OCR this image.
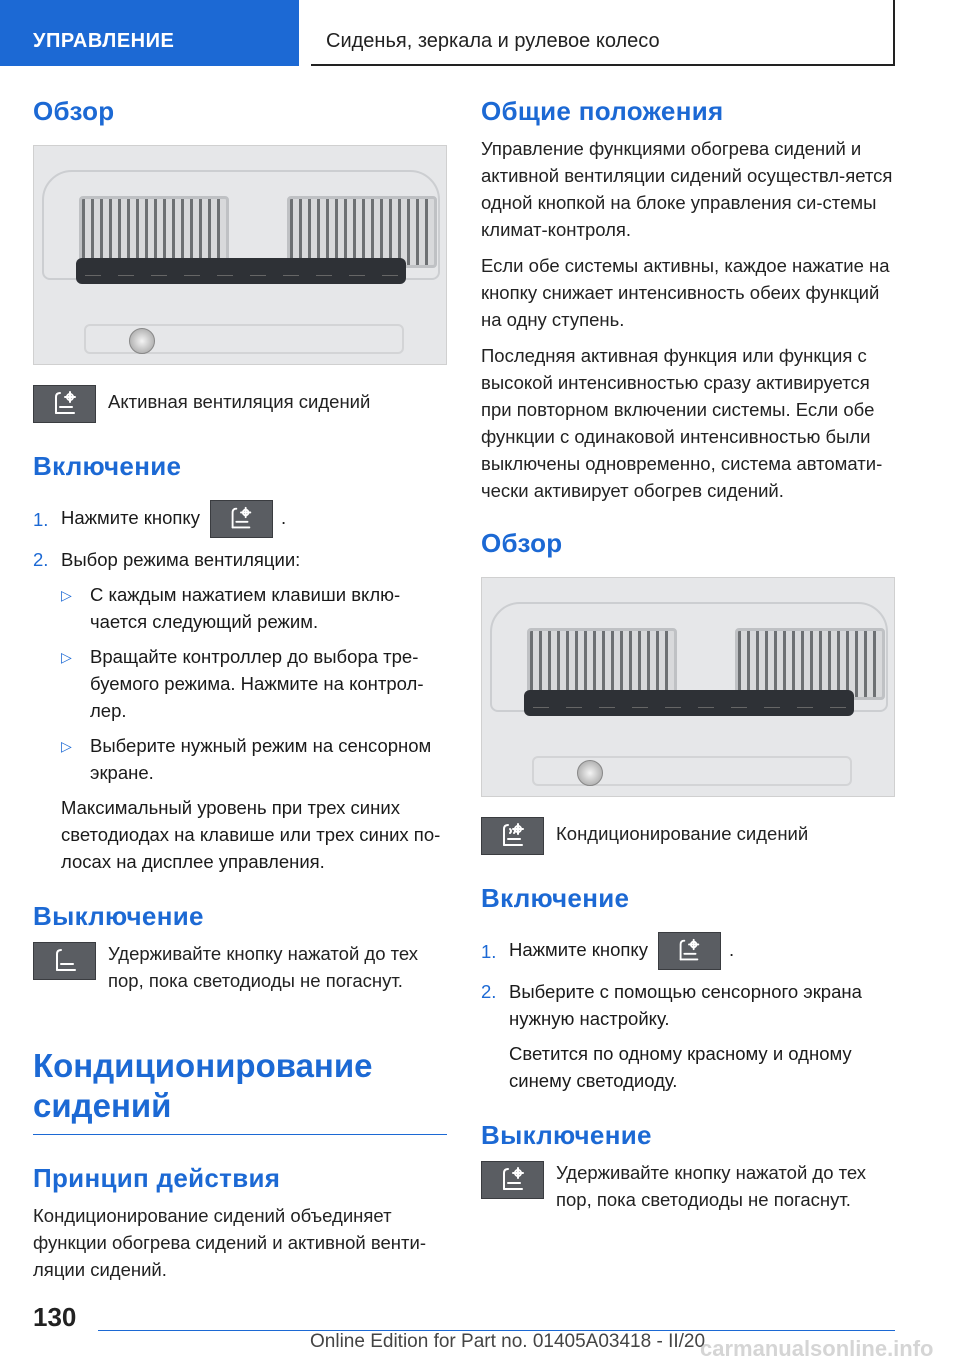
УПРАВЛЕНИЕ	Сиденья, зеркала и рулевое колесо
Обзор
Активная вентиляция сидений
Включение
1. Нажмите кнопку	.
2. Выбор режима вентиляции:
▷ С каждым нажатием клавиши вклю-чается следующий режим.
▷ Вращайте контроллер до выбора тре-буемого режима. Нажмите на контрол-лер.
▷ Выберите нужный режим на сенсорном экране.
Максимальный уровень при трех синих светодиодах на клавише или трех синих по-лосах на дисплее управления.
Выключение
Удерживайте кнопку нажатой до тех пор, пока светодиоды не погаснут.
Кондиционирование сидений
Принцип действия

Кондиционирование сидений объединяет функции обогрева сидений и активной венти-ляции сидений.

Общие положения

Управление функциями обогрева сидений и активной вентиляции сидений осуществл-яется одной кнопкой на блоке управления си-стемы климат-контроля.

Если обе системы активны, каждое нажатие на кнопку снижает интенсивность обеих функций на одну ступень.

Последняя активная функция или функция с высокой интенсивностью сразу активируется при повторном включении системы. Если обе функции с одинаковой интенсивностью были выключены одновременно, система автомати-чески активирует обогрев сидений.

Обзор
Кондиционирование сидений
Включение
1. Нажмите кнопку	.
2. Выберите с помощью сенсорного экрана нужную настройку.
Светится по одному красному и одному синему светодиоду.
Выключение
Удерживайте кнопку нажатой до тех пор, пока светодиоды не погаснут.
130
Online Edition for Part no. 01405A03418 - II/20
carmanualsonline.info
